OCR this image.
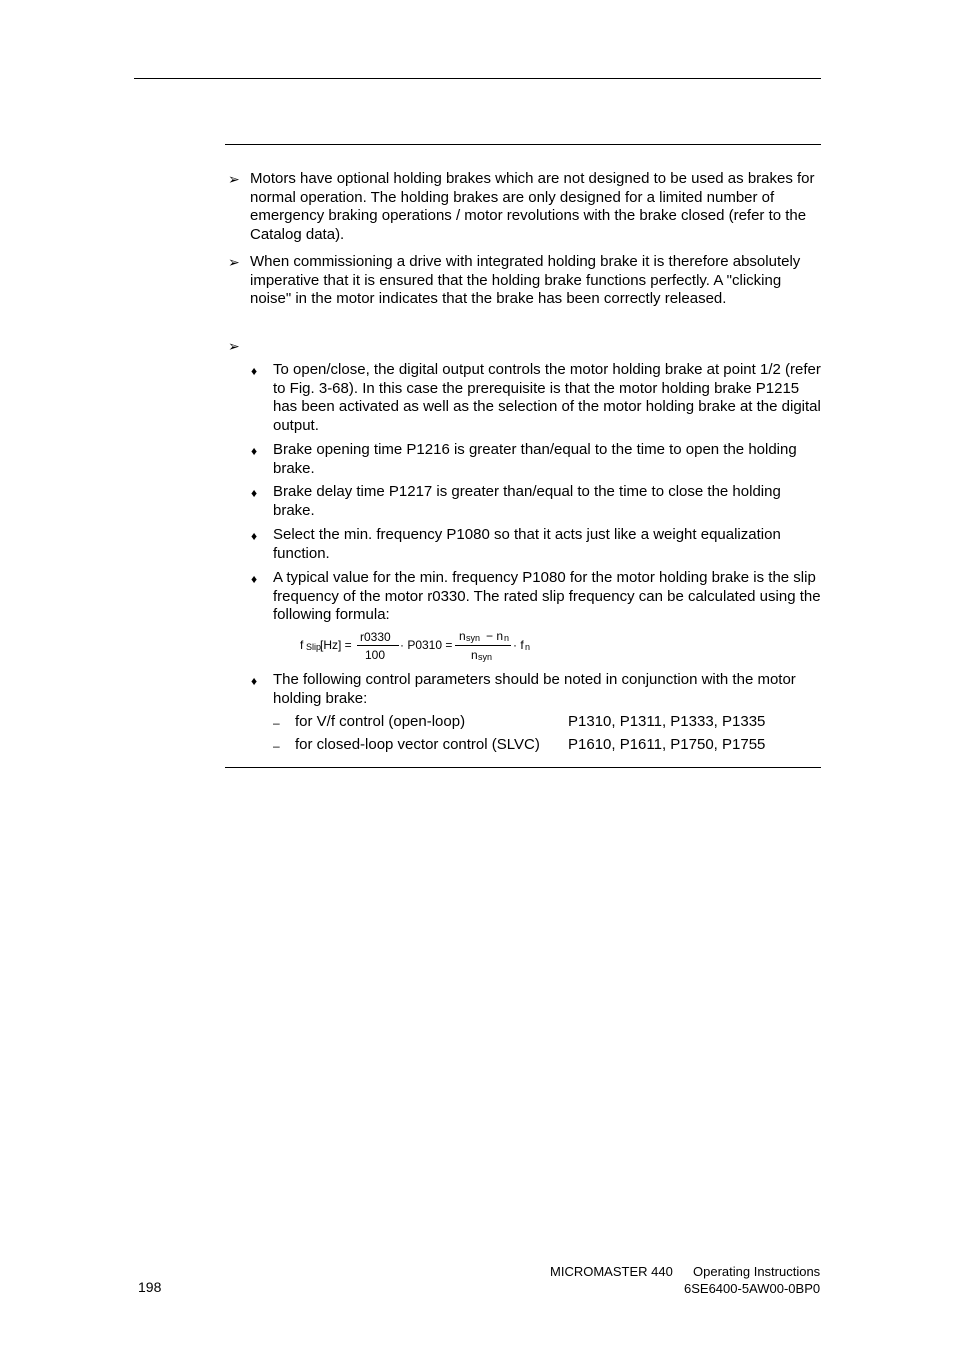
➢ Motors have optional holding brakes which are not designed to be used as brakes for normal operation. The holding brakes are only designed for a limited number of emergency braking operations / motor revolutions with the brake closed (refer to the Catalog data).
➢ When commissioning a drive with integrated holding brake it is therefore absolutely imperative that it is ensured that the holding brake functions perfectly. A "clicking noise" in the motor indicates that the brake has been correctly released.
➢
♦ To open/close, the digital output controls the motor holding brake at point 1/2 (refer to Fig. 3-68). In this case the prerequisite is that the motor holding brake P1215 has been activated as well as the selection of the motor holding brake at the digital output.
♦ Brake opening time P1216 is greater than/equal to the time to open the holding brake.
♦ Brake delay time P1217 is greater than/equal to the time to close the holding brake.
♦ Select the min. frequency P1080 so that it acts just like a weight equalization function.
♦ A typical value for the min. frequency P1080 for the motor holding brake is the slip frequency of the motor r0330. The rated slip frequency can be calculated using the following formula:
f Slip
[Hz] =
r0330
100
· P0310 =
n syn − n n
n syn
· f n
♦ The following control parameters should be noted in conjunction with the motor holding brake:
– for V/f control (open-loop)	P1310, P1311, P1333, P1335
– for closed-loop vector control (SLVC) P1610, P1611, P1750, P1755
198
MICROMASTER 440 Operating Instructions
6SE6400-5AW00-0BP0
